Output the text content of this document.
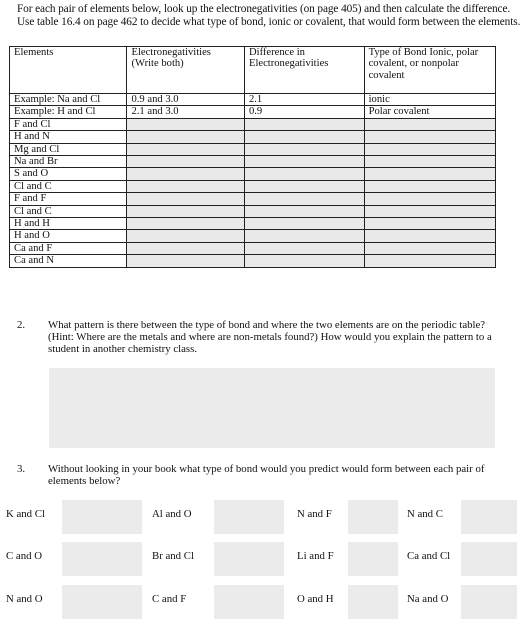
For each pair of elements below, look up the electronegativities (on page 405) and then calculate the difference. Use table 16.4 on page 462 to decide what type of bond, ionic or covalent, that would form between the elements.
Elements	Electronegativities (Write both)	Difference in Electronegativities	Type of Bond Ionic, polar covalent, or nonpolar covalent
Example: Na and Cl	0.9 and 3.0	2.1	ionic
Example: H and Cl	2.1 and 3.0	0.9	Polar covalent
F and Cl			
H and N			
Mg and Cl			
Na and Br			
S and O			
Cl and C			
F and F			
Cl and C			
H and H			
H and O			
Ca and F			
Ca and N			
2. What pattern is there between the type of bond and where the two elements are on the periodic table? (Hint: Where are the metals and where are non-metals found?) How would you explain the pattern to a student in another chemistry class.
3. Without looking in your book what type of bond would you predict would form between each pair of elements below?
K and Cl	Al and O	N and F	N and C
C and O	Br and Cl	Li and F	Ca and Cl
N and O	C and F	O and H	Na and O
